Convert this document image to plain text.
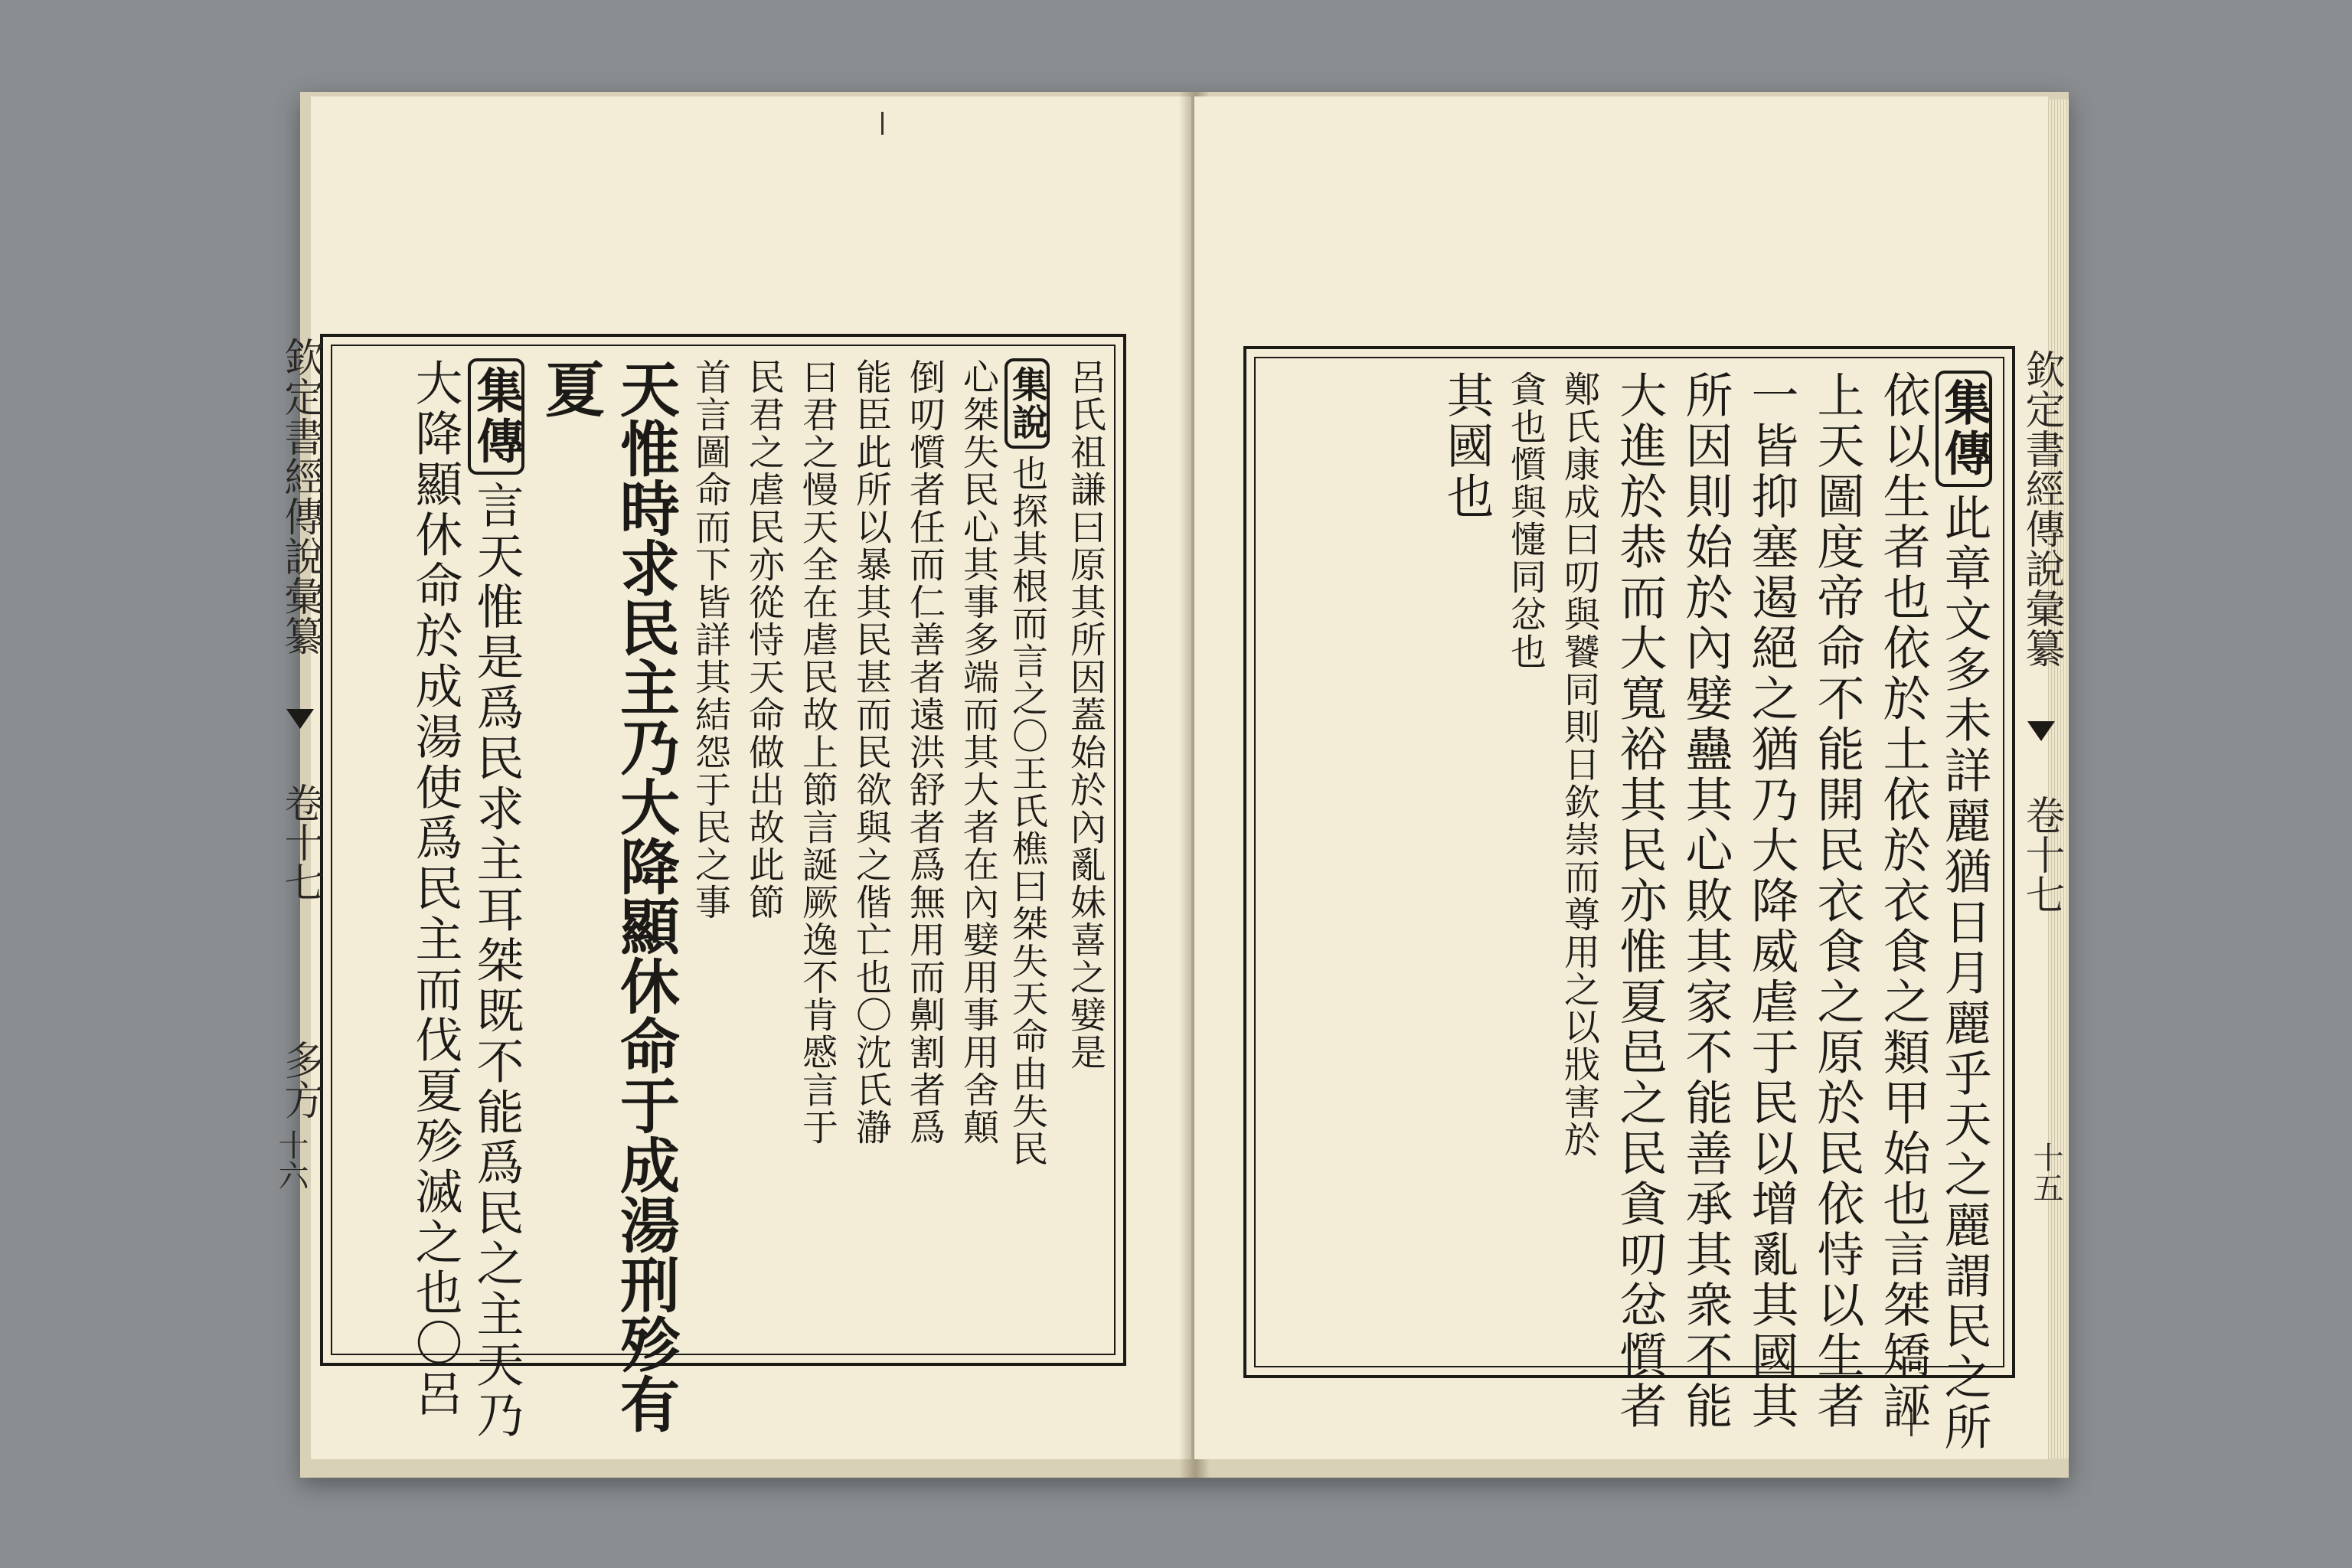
欽定書經傳說彙纂  卷十七   多方
十六
呂氏祖謙曰原其所因蓋始於內亂妹喜之嬖是
集說也探其根而言之〇王氏樵曰桀失天命由失民
心桀失民心其事多端而其大者在內嬖用事用舍顛
倒叨懫者任而仁善者遠洪舒者爲無用而劓割者爲
能臣此所以暴其民甚而民欲與之偕亡也〇沈氏瀞
曰君之慢天全在虐民故上節言誕厥逸不肯慼言于
民君之虐民亦從恃天命做出故此節
首言圖命而下皆詳其結怨于民之事
天惟時求民主乃大降顯休命于成湯刑殄有
夏
集傳言天惟是爲民求主耳桀既不能爲民之主天乃
大降顯休命於成湯使爲民主而伐夏殄滅之也〇呂	欽定書經傳說彙纂  卷十七
十五
集傳此章文多未詳麗猶日月麗乎天之麗謂民之所
依以生者也依於土依於衣食之類甲始也言桀矯誣
上天圖度帝命不能開民衣食之原於民依恃以生者
一皆抑塞遏絕之猶乃大降威虐于民以增亂其國其
所因則始於內嬖蠱其心敗其家不能善承其衆不能
大進於恭而大寬裕其民亦惟夏邑之民貪叨忿懫者
鄭氏康成曰叨與饕同則日欽崇而尊用之以戕害於
貪也懫與懥同忿也
其國也
